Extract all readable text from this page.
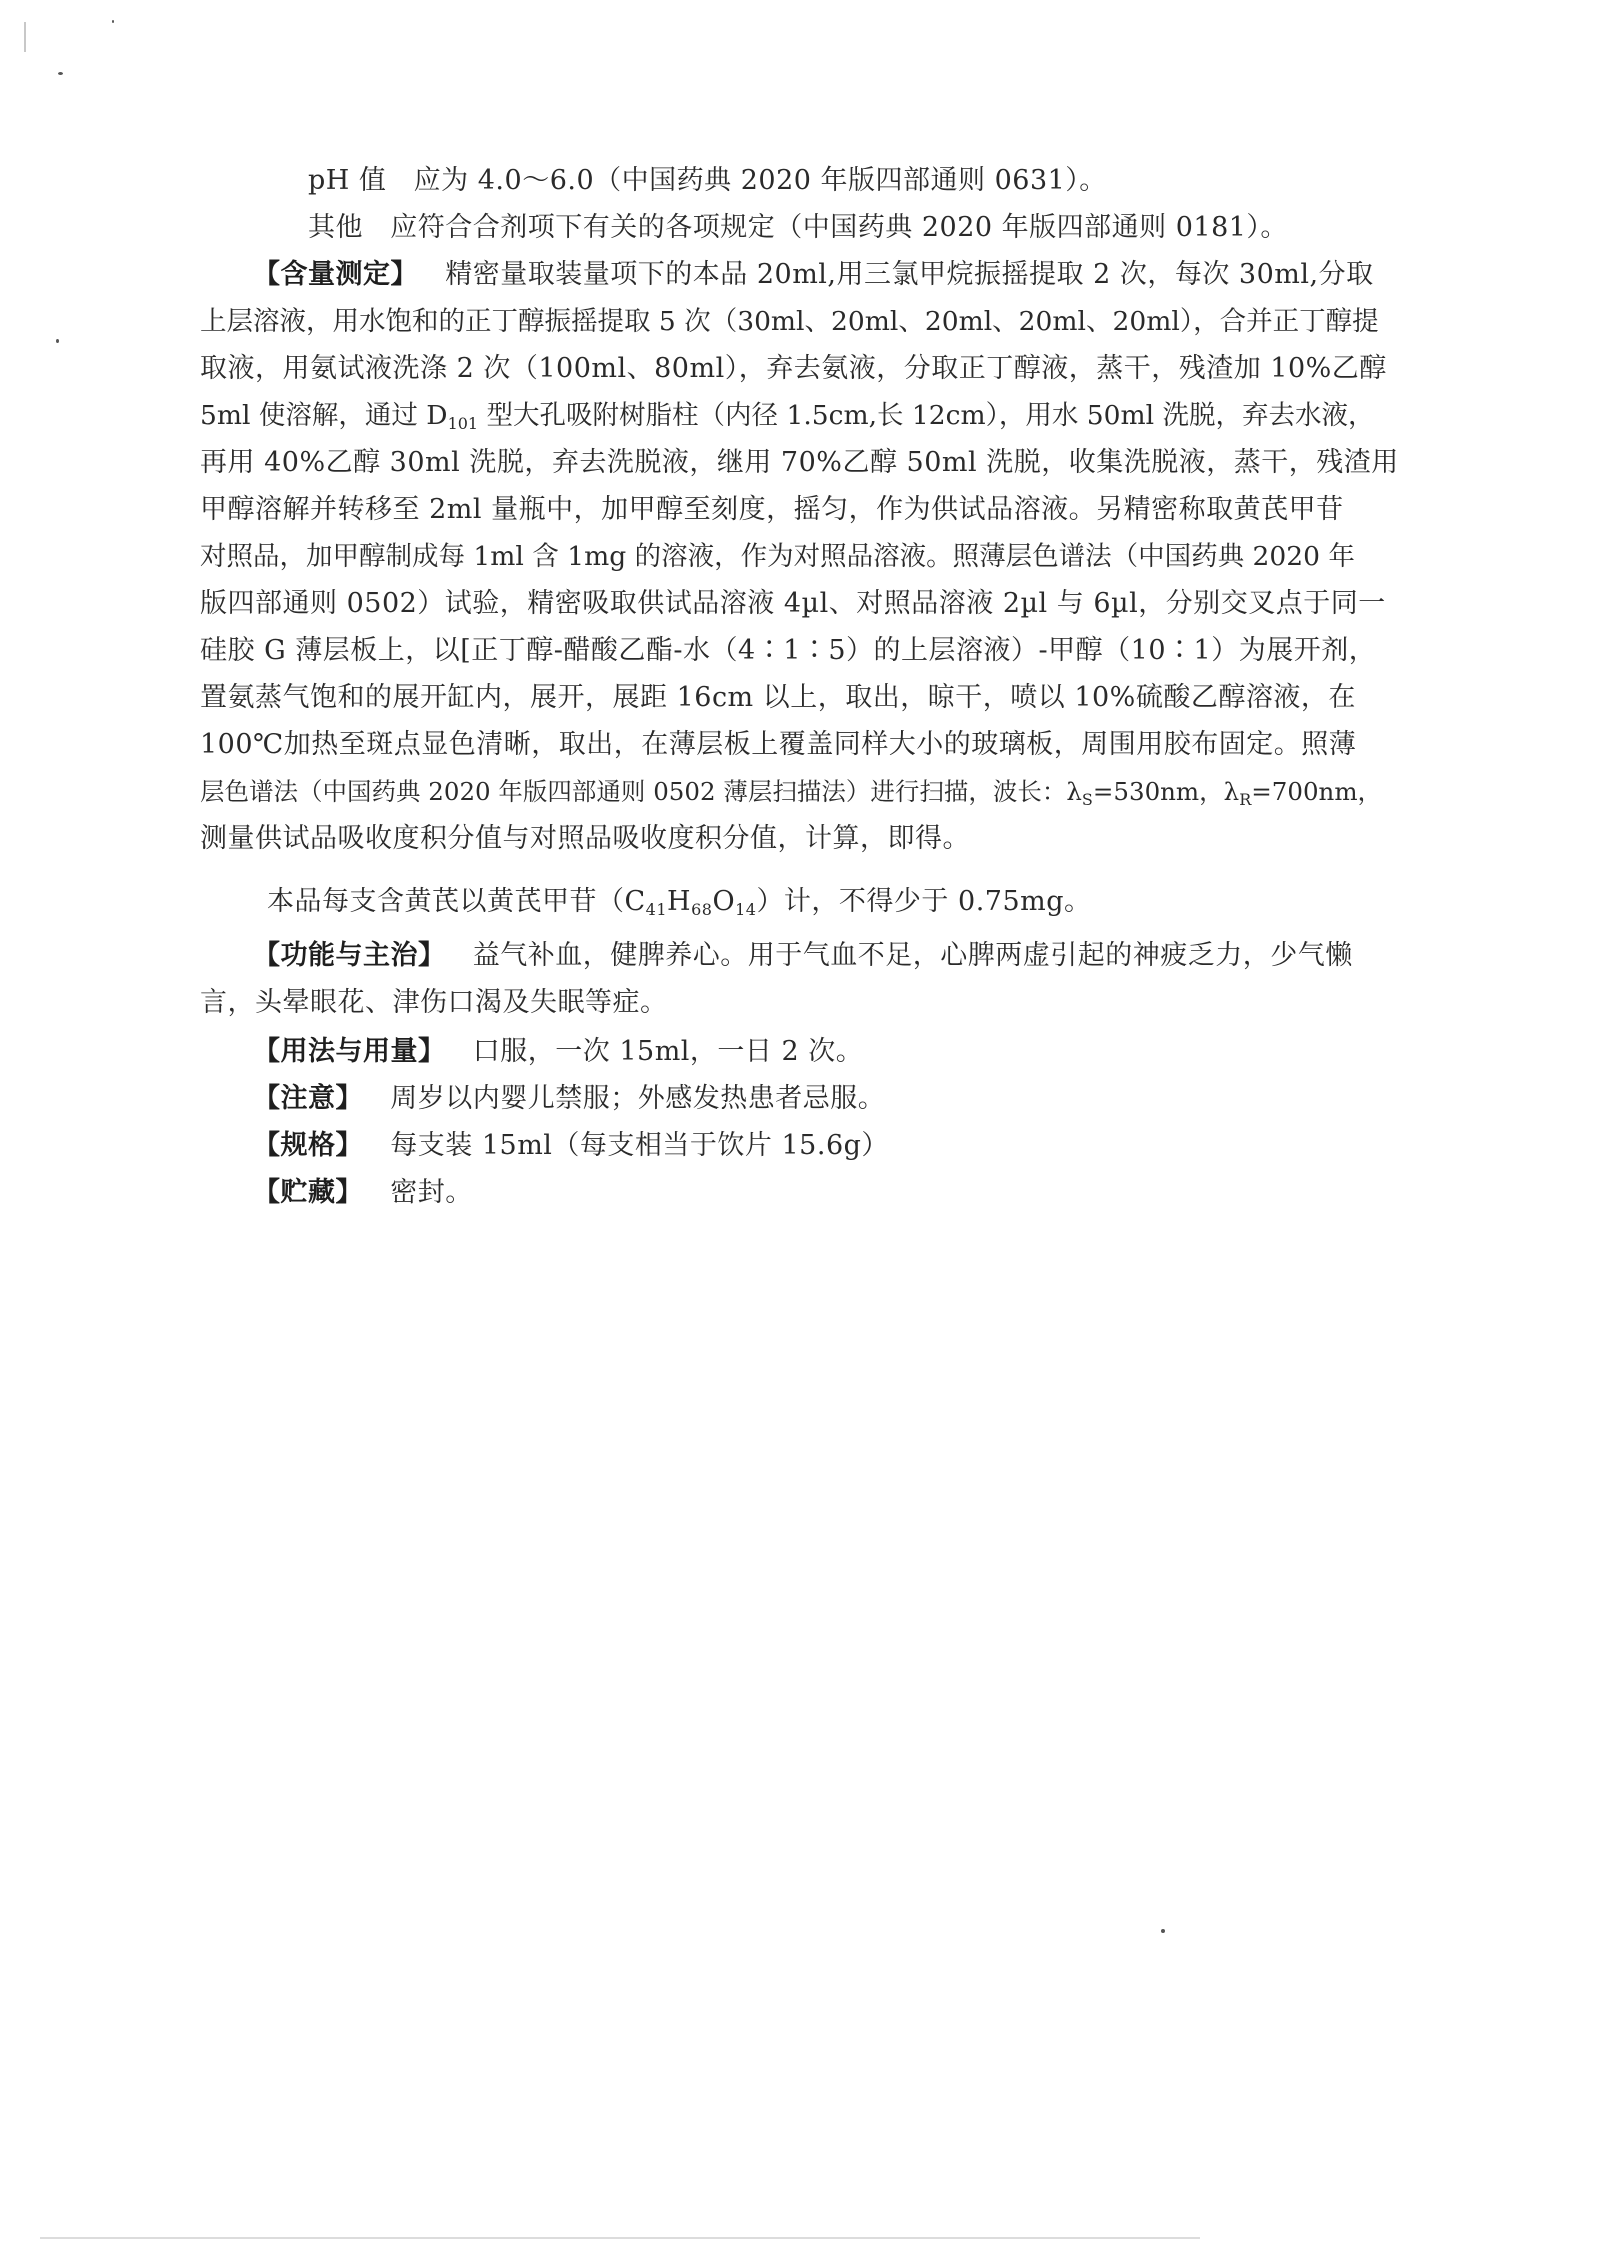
pH 值 应为 4.0～6.0（中国药典 2020 年版四部通则 0631）。
其他 应符合合剂项下有关的各项规定（中国药典 2020 年版四部通则 0181）。
【含量测定】 精密量取装量项下的本品 20ml,用三氯甲烷振摇提取 2 次，每次 30ml,分取
上层溶液，用水饱和的正丁醇振摇提取 5 次（30ml、20ml、20ml、20ml、20ml），合并正丁醇提
取液，用氨试液洗涤 2 次（100ml、80ml），弃去氨液，分取正丁醇液，蒸干，残渣加 10%乙醇
5ml 使溶解，通过 $D_{101}$ 型大孔吸附树脂柱（内径 1.5cm,长 12cm），用水 50ml 洗脱，弃去水液，
再用 40%乙醇 30ml 洗脱，弃去洗脱液，继用 70%乙醇 50ml 洗脱，收集洗脱液，蒸干，残渣用
甲醇溶解并转移至 2ml 量瓶中，加甲醇至刻度，摇匀，作为供试品溶液。另精密称取黄芪甲苷
对照品，加甲醇制成每 1ml 含 1mg 的溶液，作为对照品溶液。照薄层色谱法（中国药典 2020 年
版四部通则 0502）试验，精密吸取供试品溶液 4µl、对照品溶液 2µl 与 6µl，分别交叉点于同一
硅胶 G 薄层板上，以[正丁醇-醋酸乙酯-水（4∶1∶5）的上层溶液）-甲醇（10∶1）为展开剂，
置氨蒸气饱和的展开缸内，展开，展距 16cm 以上，取出，晾干，喷以 10%硫酸乙醇溶液，在
100℃加热至斑点显色清晰，取出，在薄层板上覆盖同样大小的玻璃板，周围用胶布固定。照薄
层色谱法（中国药典 2020 年版四部通则 0502 薄层扫描法）进行扫描，波长：$\lambda_S=530nm$，$\lambda_R=700nm$，
测量供试品吸收度积分值与对照品吸收度积分值，计算，即得。
本品每支含黄芪以黄芪甲苷$(C_{41}H_{68}O_{14})$计，不得少于 0.75mg。
【功能与主治】 益气补血，健脾养心。用于气血不足，心脾两虚引起的神疲乏力，少气懒
言，头晕眼花、津伤口渴及失眠等症。
【用法与用量】 口服，一次 15ml，一日 2 次。
【注意】 周岁以内婴儿禁服；外感发热患者忌服。
【规格】 每支装 15ml（每支相当于饮片 15.6g）
【贮藏】 密封。
